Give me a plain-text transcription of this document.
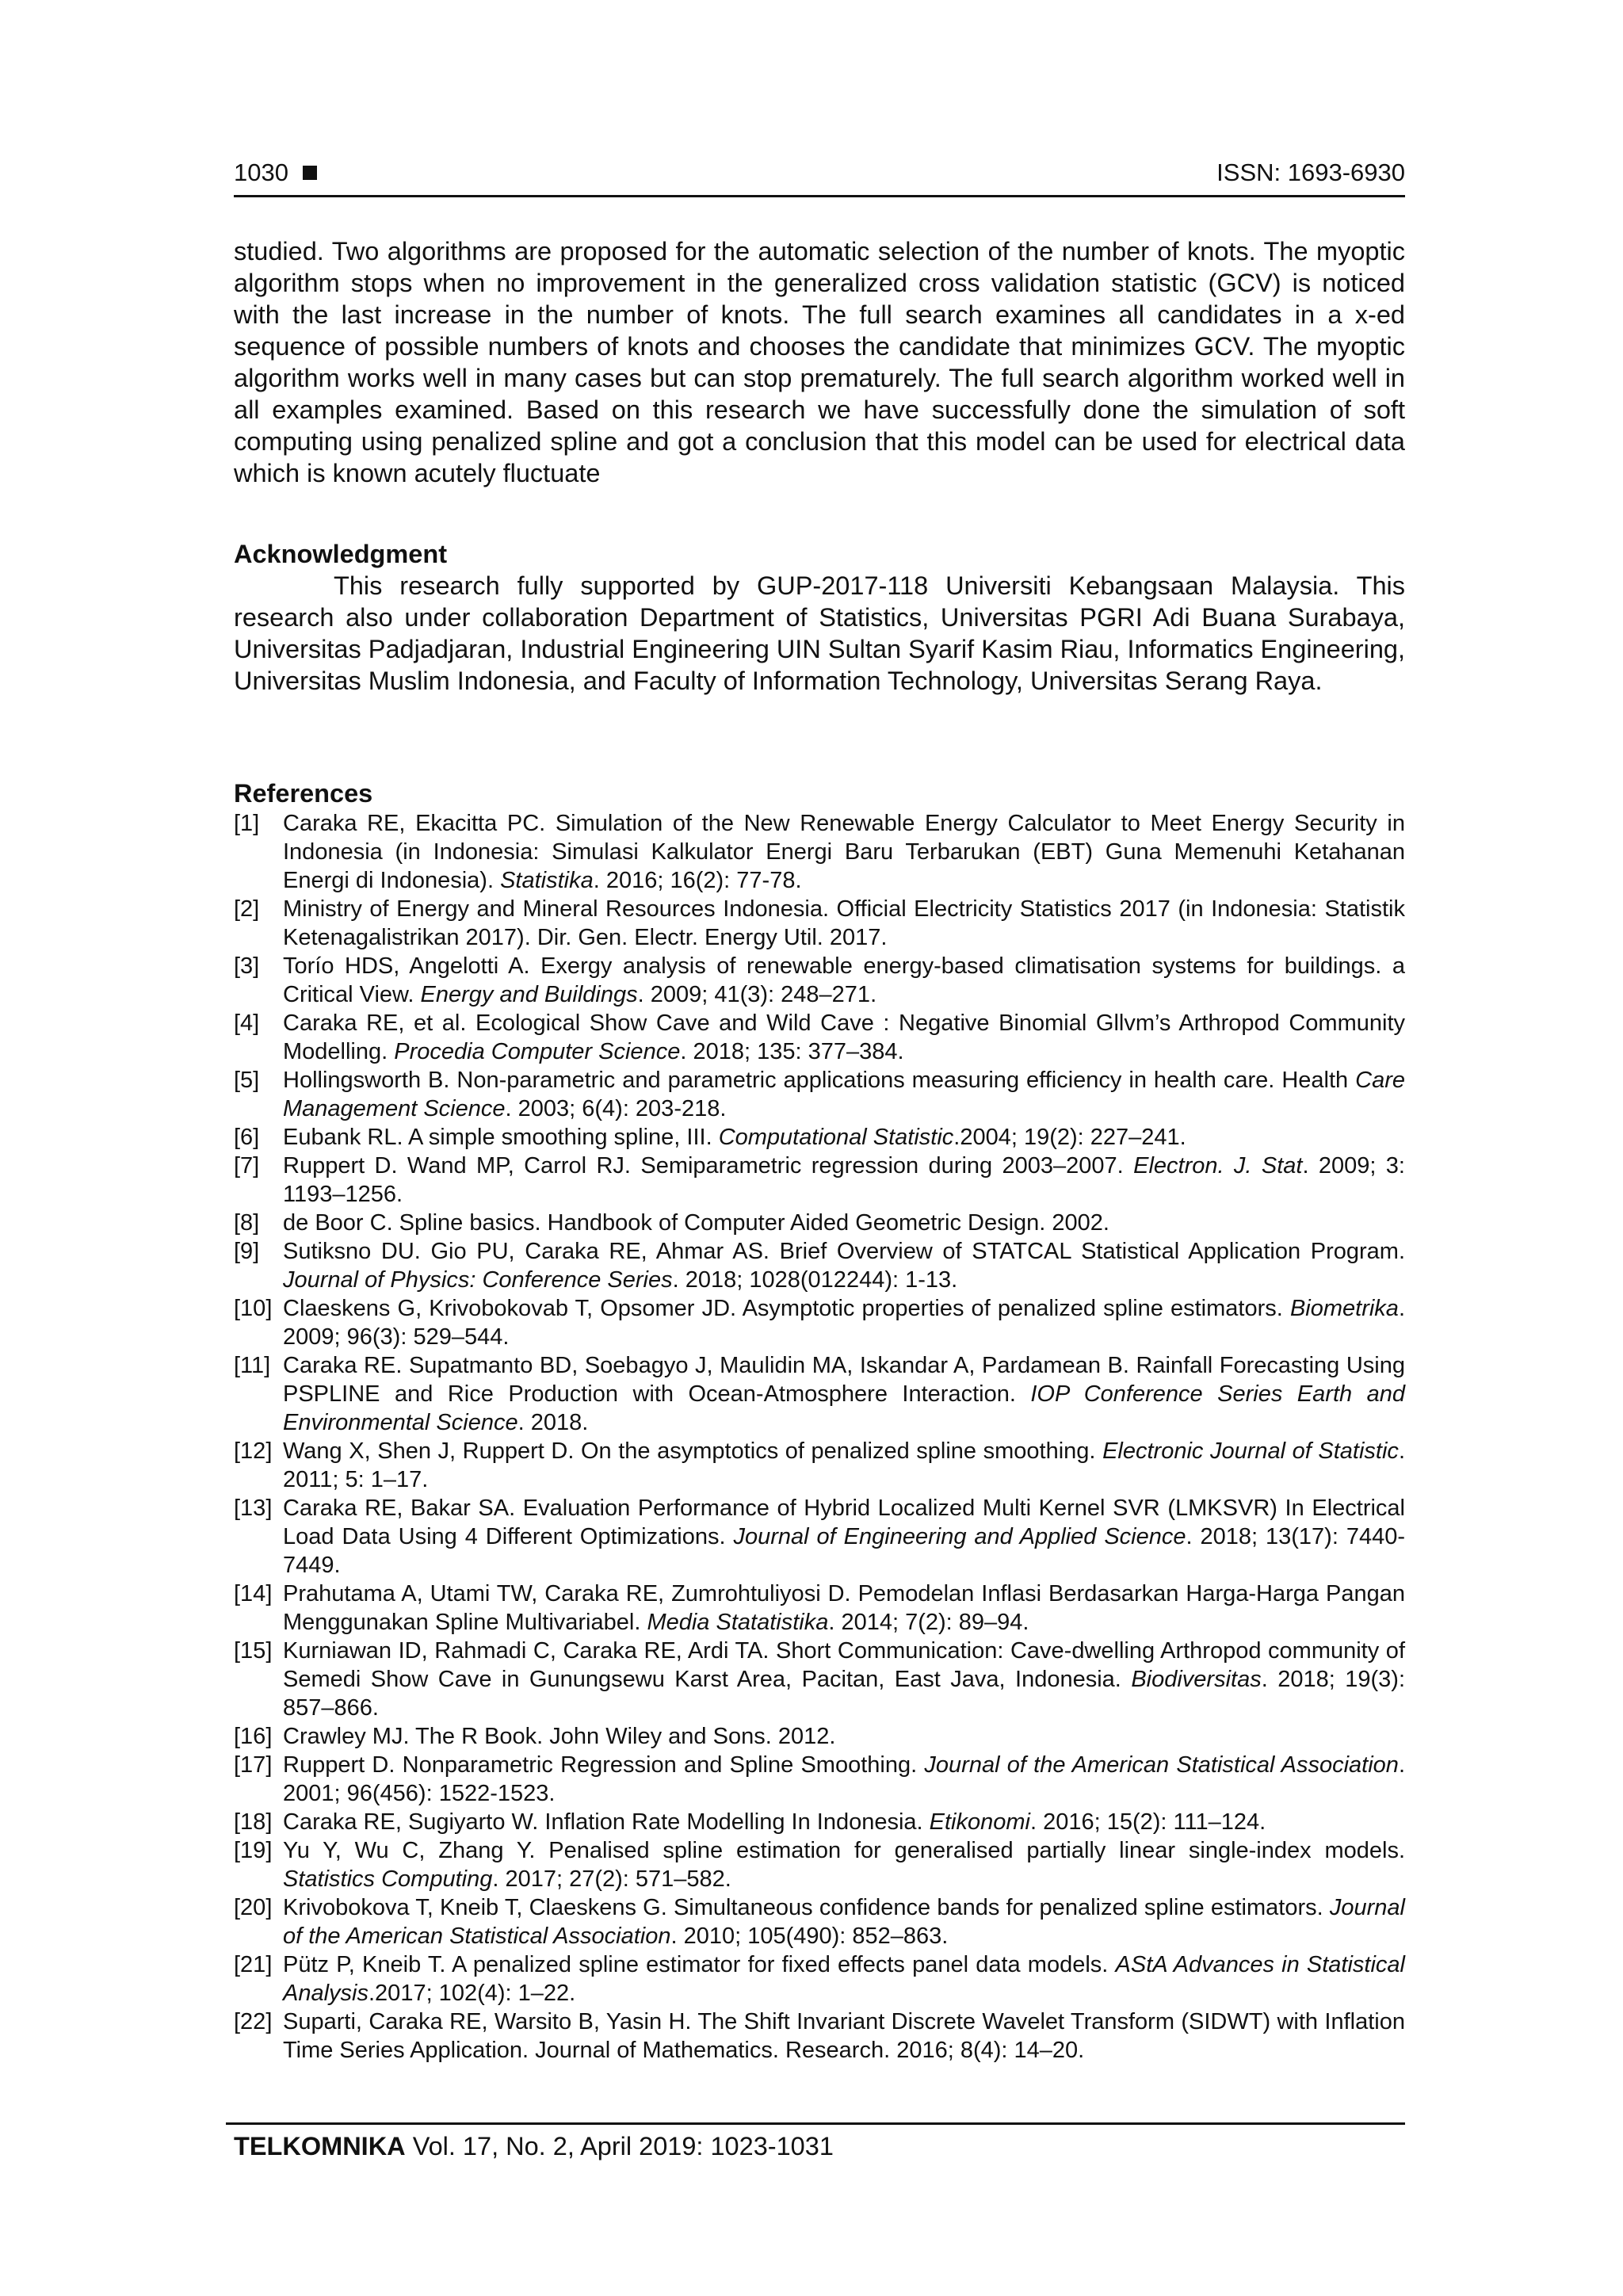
1030	ISSN: 1693-6930

studied. Two algorithms are proposed for the automatic selection of the number of knots. The myoptic algorithm stops when no improvement in the generalized cross validation statistic (GCV) is noticed with the last increase in the number of knots. The full search examines all candidates in a x-ed sequence of possible numbers of knots and chooses the candidate that minimizes GCV. The myoptic algorithm works well in many cases but can stop prematurely. The full search algorithm worked well in all examples examined. Based on this research we have successfully done the simulation of soft computing using penalized spline and got a conclusion that this model can be used for electrical data which is known acutely fluctuate

Acknowledgment

This research fully supported by GUP-2017-118 Universiti Kebangsaan Malaysia. This research also under collaboration Department of Statistics, Universitas PGRI Adi Buana Surabaya, Universitas Padjadjaran, Industrial Engineering UIN Sultan Syarif Kasim Riau, Informatics Engineering, Universitas Muslim Indonesia, and Faculty of Information Technology, Universitas Serang Raya.

References
[1] Caraka RE, Ekacitta PC. Simulation of the New Renewable Energy Calculator to Meet Energy Security in Indonesia (in Indonesia: Simulasi Kalkulator Energi Baru Terbarukan (EBT) Guna Memenuhi Ketahanan Energi di Indonesia). Statistika. 2016; 16(2): 77-78.
[2] Ministry of Energy and Mineral Resources Indonesia. Official Electricity Statistics 2017 (in Indonesia: Statistik Ketenagalistrikan 2017). Dir. Gen. Electr. Energy Util. 2017.
[3] Torío HDS, Angelotti A. Exergy analysis of renewable energy-based climatisation systems for buildings. a Critical View. Energy and Buildings. 2009; 41(3): 248–271.
[4] Caraka RE, et al. Ecological Show Cave and Wild Cave : Negative Binomial Gllvm’s Arthropod Community Modelling. Procedia Computer Science. 2018; 135: 377–384.
[5] Hollingsworth B. Non-parametric and parametric applications measuring efficiency in health care. Health Care Management Science. 2003; 6(4): 203-218.
[6] Eubank RL. A simple smoothing spline, III. Computational Statistic.2004; 19(2): 227–241.
[7] Ruppert D. Wand MP, Carrol RJ. Semiparametric regression during 2003–2007. Electron. J. Stat. 2009; 3: 1193–1256.
[8] de Boor C. Spline basics. Handbook of Computer Aided Geometric Design. 2002.
[9] Sutiksno DU. Gio PU, Caraka RE, Ahmar AS. Brief Overview of STATCAL Statistical Application Program. Journal of Physics: Conference Series. 2018; 1028(012244): 1-13.
[10] Claeskens G, Krivobokovab T, Opsomer JD. Asymptotic properties of penalized spline estimators. Biometrika. 2009; 96(3): 529–544.
[11] Caraka RE. Supatmanto BD, Soebagyo J, Maulidin MA, Iskandar A, Pardamean B. Rainfall Forecasting Using PSPLINE and Rice Production with Ocean-Atmosphere Interaction. IOP Conference Series Earth and Environmental Science. 2018.
[12] Wang X, Shen J, Ruppert D. On the asymptotics of penalized spline smoothing. Electronic Journal of Statistic. 2011; 5: 1–17.
[13] Caraka RE, Bakar SA. Evaluation Performance of Hybrid Localized Multi Kernel SVR (LMKSVR) In Electrical Load Data Using 4 Different Optimizations. Journal of Engineering and Applied Science. 2018; 13(17): 7440-7449.
[14] Prahutama A, Utami TW, Caraka RE, Zumrohtuliyosi D. Pemodelan Inflasi Berdasarkan Harga-Harga Pangan Menggunakan Spline Multivariabel. Media Statatistika. 2014; 7(2): 89–94.
[15] Kurniawan ID, Rahmadi C, Caraka RE, Ardi TA. Short Communication: Cave-dwelling Arthropod community of Semedi Show Cave in Gunungsewu Karst Area, Pacitan, East Java, Indonesia. Biodiversitas. 2018; 19(3): 857–866.
[16] Crawley MJ. The R Book. John Wiley and Sons. 2012.
[17] Ruppert D. Nonparametric Regression and Spline Smoothing. Journal of the American Statistical Association. 2001; 96(456): 1522-1523.
[18] Caraka RE, Sugiyarto W. Inflation Rate Modelling In Indonesia. Etikonomi. 2016; 15(2): 111–124.
[19] Yu Y, Wu C, Zhang Y. Penalised spline estimation for generalised partially linear single-index models. Statistics Computing. 2017; 27(2): 571–582.
[20] Krivobokova T, Kneib T, Claeskens G. Simultaneous confidence bands for penalized spline estimators. Journal of the American Statistical Association. 2010; 105(490): 852–863.
[21] Pütz P, Kneib T. A penalized spline estimator for fixed effects panel data models. AStA Advances in Statistical Analysis.2017; 102(4): 1–22.
[22] Suparti, Caraka RE, Warsito B, Yasin H. The Shift Invariant Discrete Wavelet Transform (SIDWT) with Inflation Time Series Application. Journal of Mathematics. Research. 2016; 8(4): 14–20.
TELKOMNIKA Vol. 17, No. 2, April 2019: 1023-1031
